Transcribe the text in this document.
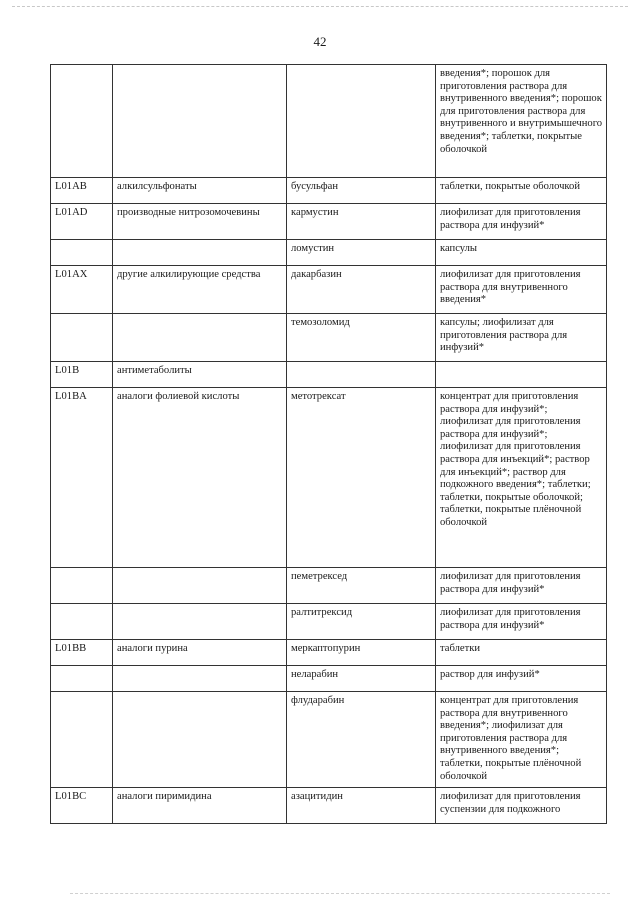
42
			введения*; порошок для приготовления раствора для внутривенного введения*; порошок для приготовления раствора для внутривенного и внутримышечного введения*; таблетки, покрытые оболочкой
L01AB	алкилсульфонаты	бусульфан	таблетки, покрытые оболочкой
L01AD	производные нитрозомочевины	кармустин	лиофилизат для приготовления раствора для инфузий*
		ломустин	капсулы
L01AX	другие алкилирующие средства	дакарбазин	лиофилизат для приготовления раствора для внутривенного введения*
		темозоломид	капсулы; лиофилизат для приготовления раствора для инфузий*
L01B	антиметаболиты		
L01BA	аналоги фолиевой кислоты	метотрексат	концентрат для приготовления раствора для инфузий*; лиофилизат для приготовления раствора для инфузий*; лиофилизат для приготовления раствора для инъекций*; раствор для инъекций*; раствор для подкожного введения*; таблетки; таблетки, покрытые оболочкой; таблетки, покрытые плёночной оболочкой
		пеметрексед	лиофилизат для приготовления раствора для инфузий*
		ралтитрексид	лиофилизат для приготовления раствора для инфузий*
L01BB	аналоги пурина	меркаптопурин	таблетки
		неларабин	раствор для инфузий*
		флударабин	концентрат для приготовления раствора для внутривенного введения*; лиофилизат для приготовления раствора для внутривенного введения*; таблетки, покрытые плёночной оболочкой
L01BC	аналоги пиримидина	азацитидин	лиофилизат для приготовления суспензии для подкожного
